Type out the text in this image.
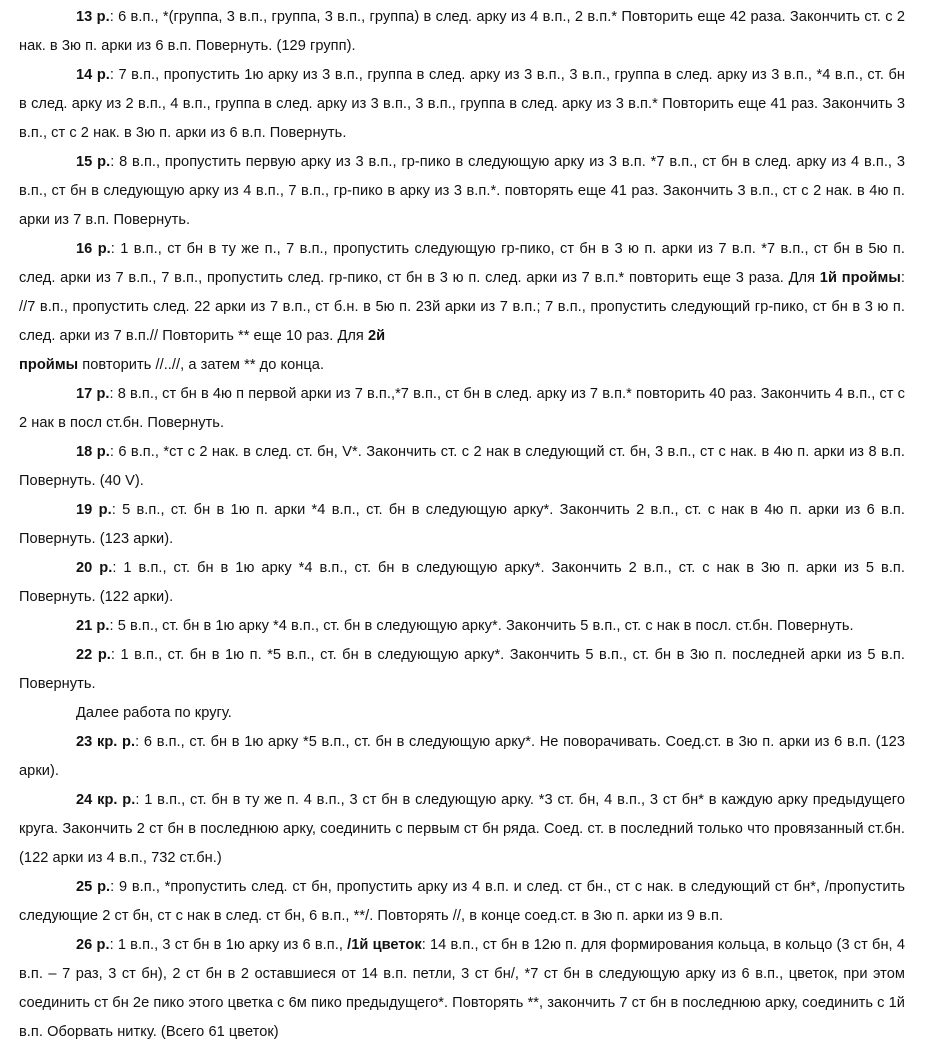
13 р.: 6 в.п., *(группа, 3 в.п., группа, 3 в.п., группа) в след. арку из 4 в.п., 2 в.п.* Повторить еще 42 раза. Закончить ст. с 2 нак. в 3ю п. арки из 6 в.п. Повернуть. (129 групп).

14 р.: 7 в.п., пропустить 1ю арку из 3 в.п., группа в след. арку из 3 в.п., 3 в.п., группа в след. арку из 3 в.п., *4 в.п., ст. бн в след. арку из 2 в.п., 4 в.п., группа в след. арку из 3 в.п., 3 в.п., группа в след. арку из 3 в.п.* Повторить еще 41 раз. Закончить 3 в.п., ст с 2 нак. в 3ю п. арки из 6 в.п. Повернуть.

15 р.: 8 в.п., пропустить первую арку из 3 в.п., гр-пико в следующую арку из 3 в.п. *7 в.п., ст бн в след. арку из 4 в.п., 3 в.п., ст бн в следующую арку из 4 в.п., 7 в.п., гр-пико в арку из 3 в.п.*. повторять еще 41 раз. Закончить 3 в.п., ст с 2 нак. в 4ю п. арки из 7 в.п. Повернуть.

16 р.: 1 в.п., ст бн в ту же п., 7 в.п., пропустить следующую гр-пико, ст бн в 3 ю п. арки из 7 в.п. *7 в.п., ст бн в 5ю п. след. арки из 7 в.п., 7 в.п., пропустить след. гр-пико, ст бн в 3 ю п. след. арки из 7 в.п.* повторить еще 3 раза. Для 1й проймы: //7 в.п., пропустить след. 22 арки из 7 в.п., ст б.н. в 5ю п. 23й арки из 7 в.п.; 7 в.п., пропустить следующий гр-пико, ст бн в 3 ю п. след. арки из 7 в.п.// Повторить ** еще 10 раз. Для 2й
проймы повторить //..//, а затем ** до конца.

17 р.: 8 в.п., ст бн в 4ю п первой арки из 7 в.п.,*7 в.п., ст бн в след. арку из 7 в.п.* повторить 40 раз. Закончить 4 в.п., ст с 2 нак в посл ст.бн. Повернуть.

18 р.: 6 в.п., *ст с 2 нак. в след. ст. бн, V*. Закончить ст. с 2 нак в следующий ст. бн, 3 в.п., ст с нак. в 4ю п. арки из 8 в.п. Повернуть. (40 V).

19 р.: 5 в.п., ст. бн в 1ю п. арки *4 в.п., ст. бн в следующую арку*. Закончить 2 в.п., ст. с нак в 4ю п. арки из 6 в.п. Повернуть. (123 арки).

20 р.: 1 в.п., ст. бн в 1ю арку *4 в.п., ст. бн в следующую арку*. Закончить 2 в.п., ст. с нак в 3ю п. арки из 5 в.п. Повернуть. (122 арки).

21 р.: 5 в.п., ст. бн в 1ю арку *4 в.п., ст. бн в следующую арку*. Закончить 5 в.п., ст. с нак в посл. ст.бн. Повернуть.

22 р.: 1 в.п., ст. бн в 1ю п. *5 в.п., ст. бн в следующую арку*. Закончить 5 в.п., ст. бн в 3ю п. последней арки из 5 в.п. Повернуть.

Далее работа по кругу.

23 кр. р.: 6 в.п., ст. бн в 1ю арку *5 в.п., ст. бн в следующую арку*. Не поворачивать. Соед.ст. в 3ю п. арки из 6 в.п. (123 арки).

24 кр. р.: 1 в.п., ст. бн в ту же п. 4 в.п., 3 ст бн в следующую арку. *3 ст. бн, 4 в.п., 3 ст бн* в каждую арку предыдущего круга. Закончить 2 ст бн в последнюю арку, соединить с первым ст бн ряда. Соед. ст. в последний только что провязанный ст.бн. (122 арки из 4 в.п., 732 ст.бн.)

25 р.: 9 в.п., *пропустить след. ст бн, пропустить арку из 4 в.п. и след. ст бн., ст с нак. в следующий ст бн*, /пропустить следующие 2 ст бн, ст с нак в след. ст бн, 6 в.п., **/. Повторять //, в конце соед.ст. в 3ю п. арки из 9 в.п.

26 р.: 1 в.п., 3 ст бн в 1ю арку из 6 в.п., /1й цветок: 14 в.п., ст бн в 12ю п. для формирования кольца, в кольцо (3 ст бн, 4 в.п. – 7 раз, 3 ст бн), 2 ст бн в 2 оставшиеся от 14 в.п. петли, 3 ст бн/, *7 ст бн в следующую арку из 6 в.п., цветок, при этом соединить ст бн 2е пико этого цветка с 6м пико предыдущего*. Повторять **, закончить 7 ст бн в последнюю арку, соединить с 1й в.п. Оборвать нитку. (Всего 61 цветок)
